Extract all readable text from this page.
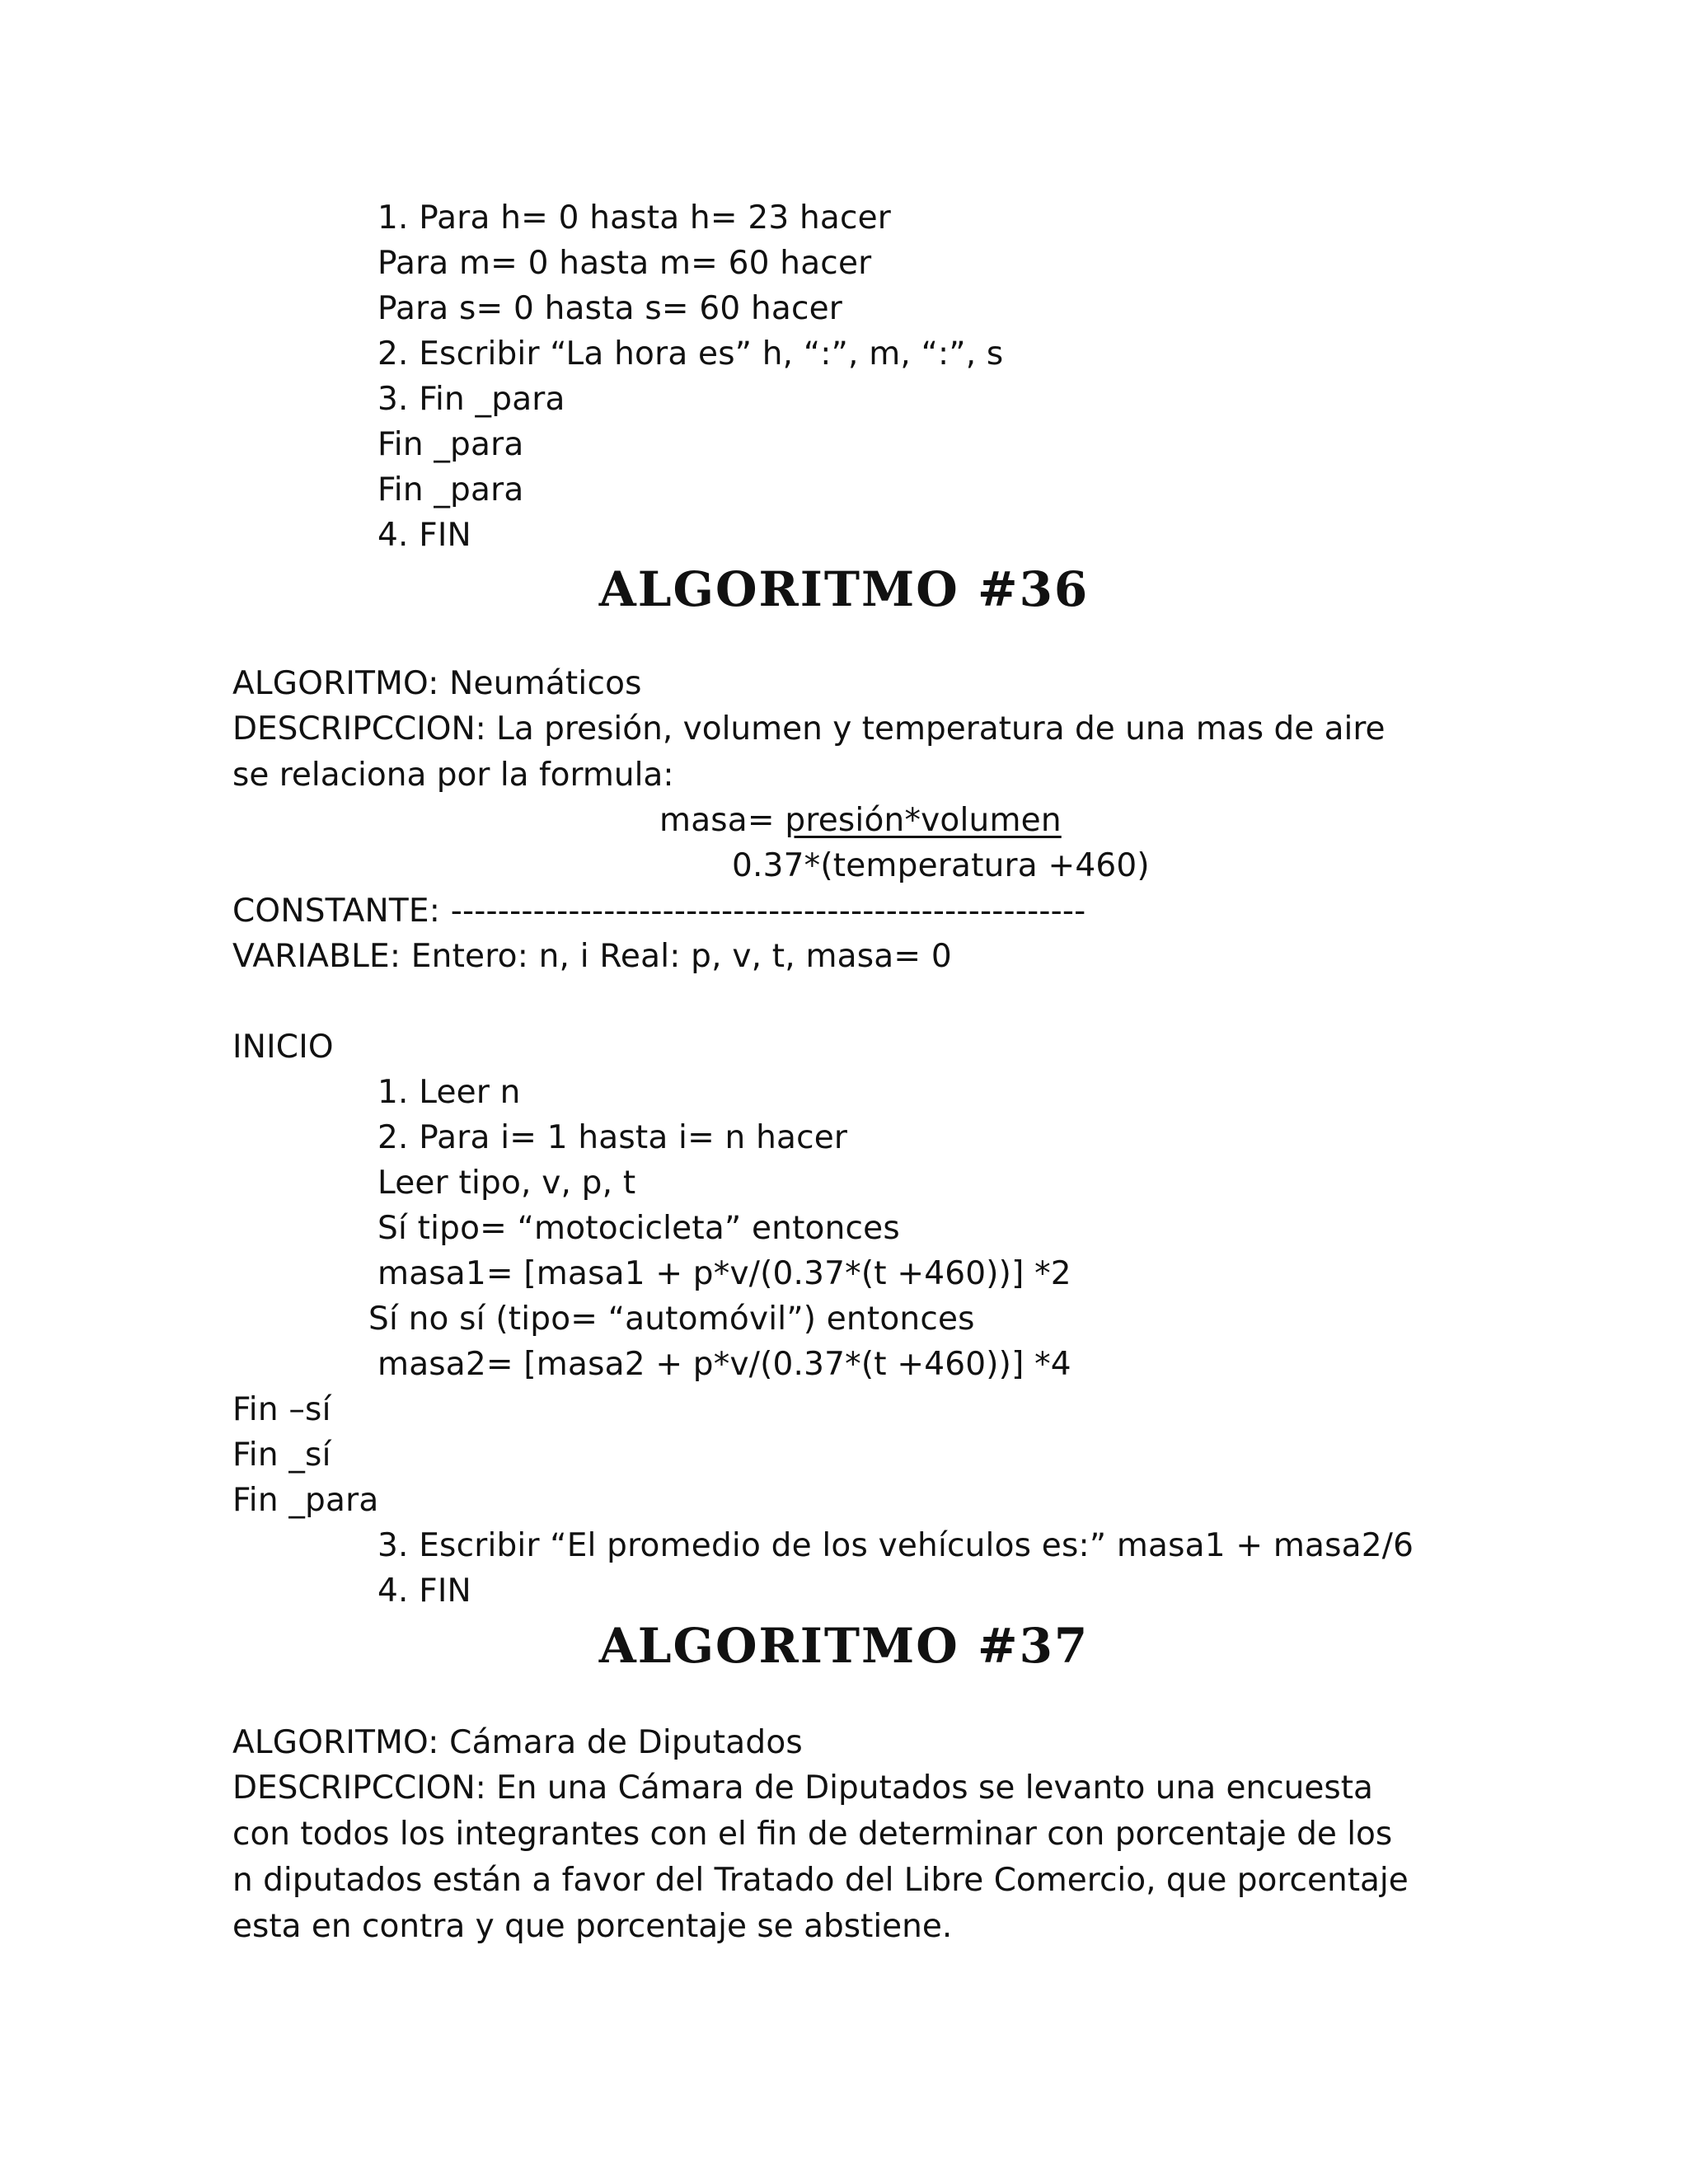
1. Para h= 0 hasta h= 23 hacer
Para m= 0 hasta m= 60 hacer
Para s= 0 hasta s= 60 hacer
2. Escribir “La hora es” h, “:”, m, “:”, s
3. Fin _para
Fin _para
Fin _para
4. FIN
ALGORITMO #36
ALGORITMO: Neumáticos
DESCRIPCCION: La presión, volumen y temperatura de una mas de aire se relaciona por la formula:
masa= presión*volumen
0.37*(temperatura +460)
CONSTANTE: ------------------------------------------------------
VARIABLE: Entero: n, i Real: p, v, t, masa= 0
INICIO
1. Leer n
2. Para i= 1 hasta i= n hacer
Leer tipo, v, p, t
Sí tipo= “motocicleta” entonces
masa1= [masa1 + p*v/(0.37*(t +460))] *2
Sí no sí (tipo= “automóvil”) entonces
masa2= [masa2 + p*v/(0.37*(t +460))] *4
Fin –sí
Fin _sí
Fin _para
3. Escribir “El promedio de los vehículos es:” masa1 + masa2/6
4. FIN
ALGORITMO #37
ALGORITMO: Cámara de Diputados
DESCRIPCCION: En una Cámara de Diputados se levanto una encuesta con todos los integrantes con el fin de determinar con porcentaje de los n diputados están a favor del Tratado del Libre Comercio, que porcentaje esta en contra y que porcentaje se abstiene.
